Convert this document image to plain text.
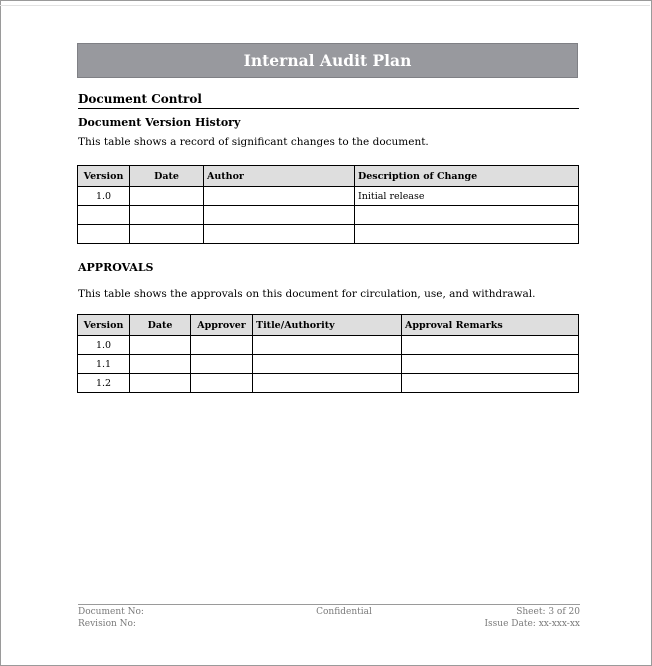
Internal Audit Plan
Document Control
Document Version History
This table shows a record of significant changes to the document.
Version	Date	Author	Description of Change
1.0			Initial release

APPROVALS
This table shows the approvals on this document for circulation, use, and withdrawal.
Version	Date	Approver	Title/Authority	Approval Remarks
1.0				
1.1				
1.2				
Document No:
Revision No:
Confidential	Sheet: 3 of 20
Issue Date: xx-xxx-xx
